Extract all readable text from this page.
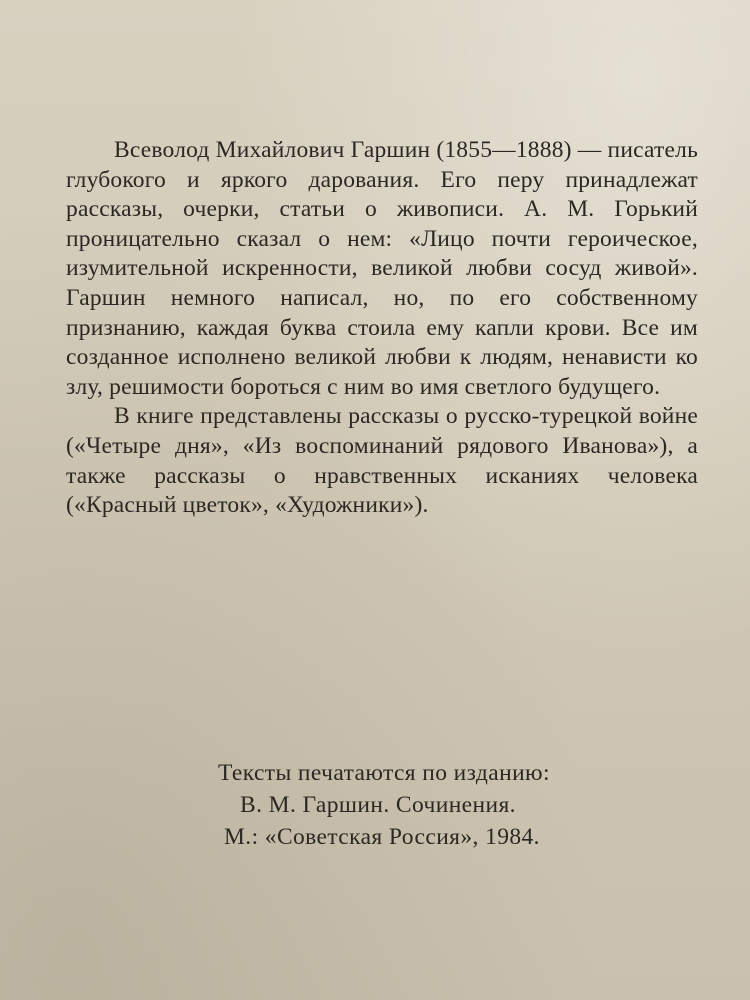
Всеволод Михайлович Гаршин (1855—1888) — писатель глубокого и яркого дарования. Его перу принадлежат рассказы, очерки, статьи о живописи. А. М. Горький проницательно сказал о нем: «Лицо почти героическое, изумительной искренности, великой любви сосуд живой». Гаршин немного написал, но, по его собственному признанию, каждая буква стоила ему капли крови. Все им созданное исполнено великой любви к людям, ненависти ко злу, решимости бороться с ним во имя светлого будущего.

В книге представлены рассказы о русско-турецкой войне («Четыре дня», «Из воспоминаний рядового Иванова»), а также рассказы о нравственных исканиях человека («Красный цветок», «Художники»).

Тексты печатаются по изданию:
В. М. Гаршин. Сочинения.
М.: «Советская Россия», 1984.
